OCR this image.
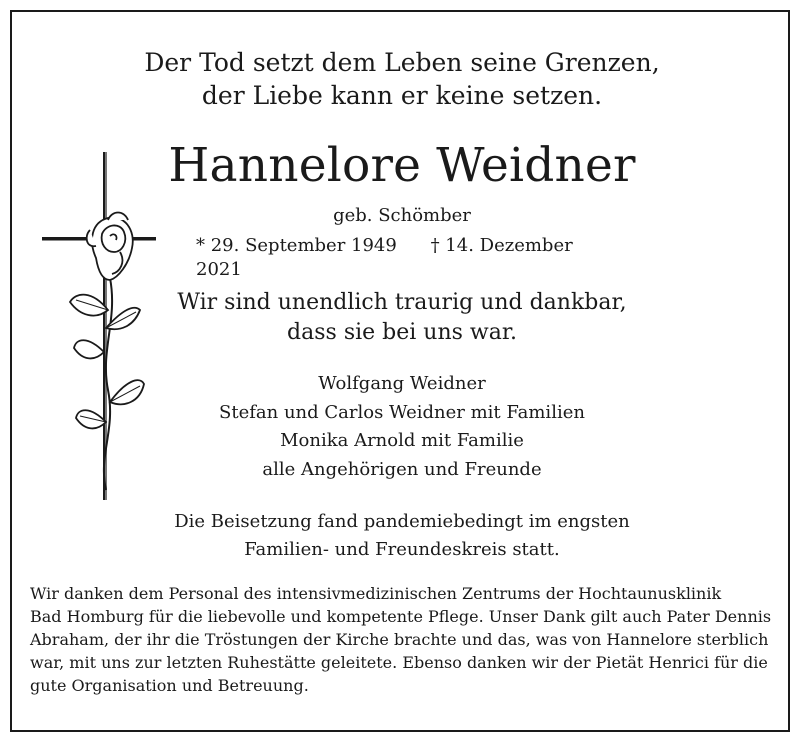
Der Tod setzt dem Leben seine Grenzen,
der Liebe kann er keine setzen.
Hannelore Weidner
geb. Schömber
* 29. September 1949 † 14. Dezember 2021
Wir sind unendlich traurig und dankbar,
dass sie bei uns war.
Wolfgang Weidner
Stefan und Carlos Weidner mit Familien
Monika Arnold mit Familie
alle Angehörigen und Freunde
Die Beisetzung fand pandemiebedingt im engsten
Familien- und Freundeskreis statt.
Wir danken dem Personal des intensivmedizinischen Zentrums der Hochtaunusklinik
Bad Homburg für die liebevolle und kompetente Pflege. Unser Dank gilt auch Pater Dennis
Abraham, der ihr die Tröstungen der Kirche brachte und das, was von Hannelore sterblich
war, mit uns zur letzten Ruhestätte geleitete. Ebenso danken wir der Pietät Henrici für die
gute Organisation und Betreuung.
